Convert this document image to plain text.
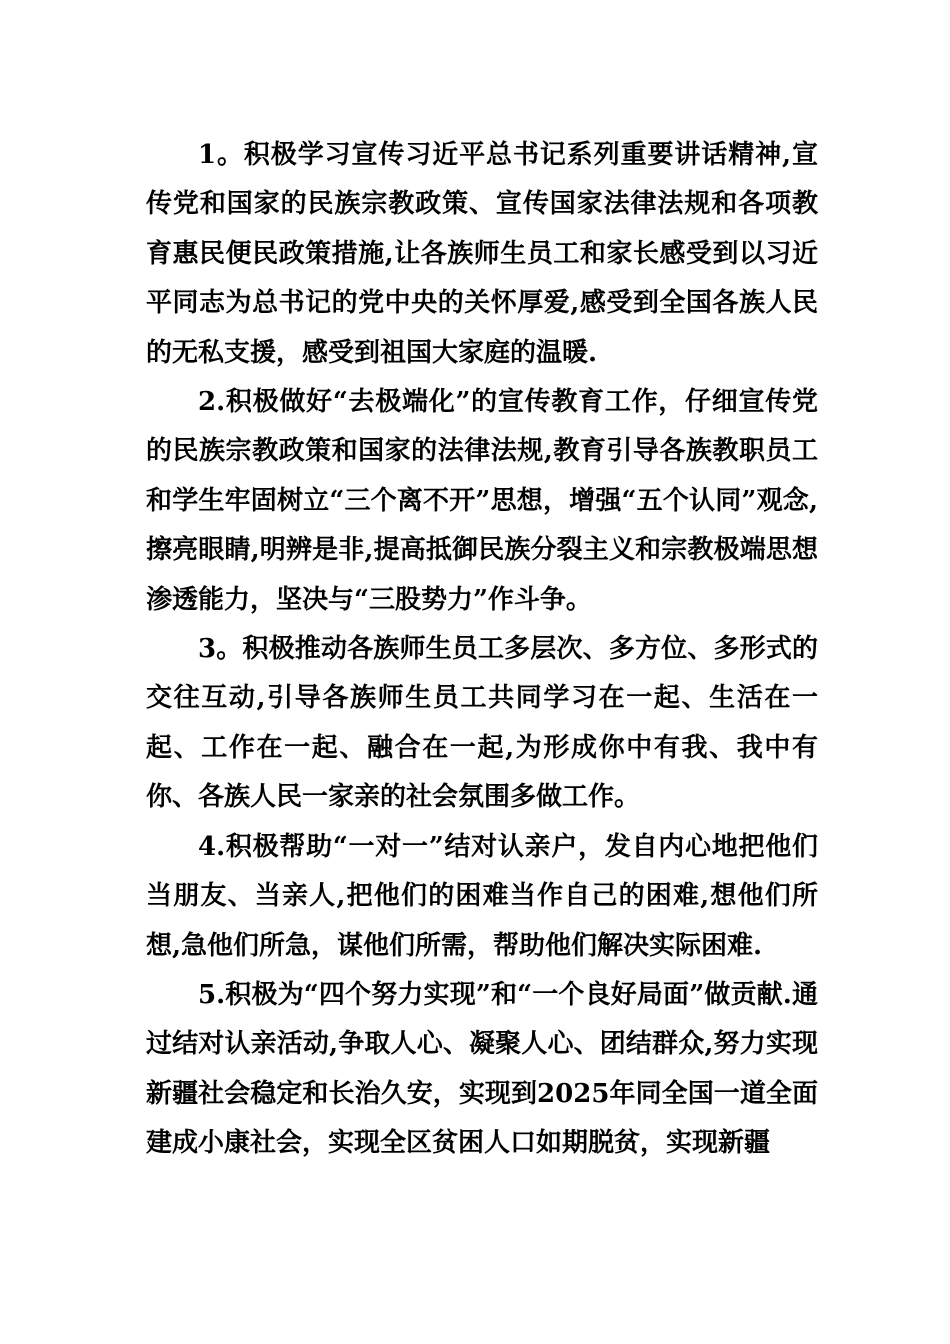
1。积极学习宣传习近平总书记系列重要讲话精神,宣传党和国家的民族宗教政策、宣传国家法律法规和各项教育惠民便民政策措施,让各族师生员工和家长感受到以习近平同志为总书记的党中央的关怀厚爱,感受到全国各族人民的无私支援，感受到祖国大家庭的温暖.

2.积极做好“去极端化”的宣传教育工作，仔细宣传党的民族宗教政策和国家的法律法规,教育引导各族教职员工和学生牢固树立“三个离不开”思想，增强“五个认同”观念,擦亮眼睛,明辨是非,提高抵御民族分裂主义和宗教极端思想渗透能力，坚决与“三股势力”作斗争。

3。积极推动各族师生员工多层次、多方位、多形式的交往互动,引导各族师生员工共同学习在一起、生活在一起、工作在一起、融合在一起,为形成你中有我、我中有你、各族人民一家亲的社会氛围多做工作。

4.积极帮助“一对一”结对认亲户，发自内心地把他们当朋友、当亲人,把他们的困难当作自己的困难,想他们所想,急他们所急，谋他们所需，帮助他们解决实际困难.

5.积极为“四个努力实现”和“一个良好局面”做贡献.通过结对认亲活动,争取人心、凝聚人心、团结群众,努力实现新疆社会稳定和长治久安，实现到2025年同全国一道全面建成小康社会，实现全区贫困人口如期脱贫，实现新疆
